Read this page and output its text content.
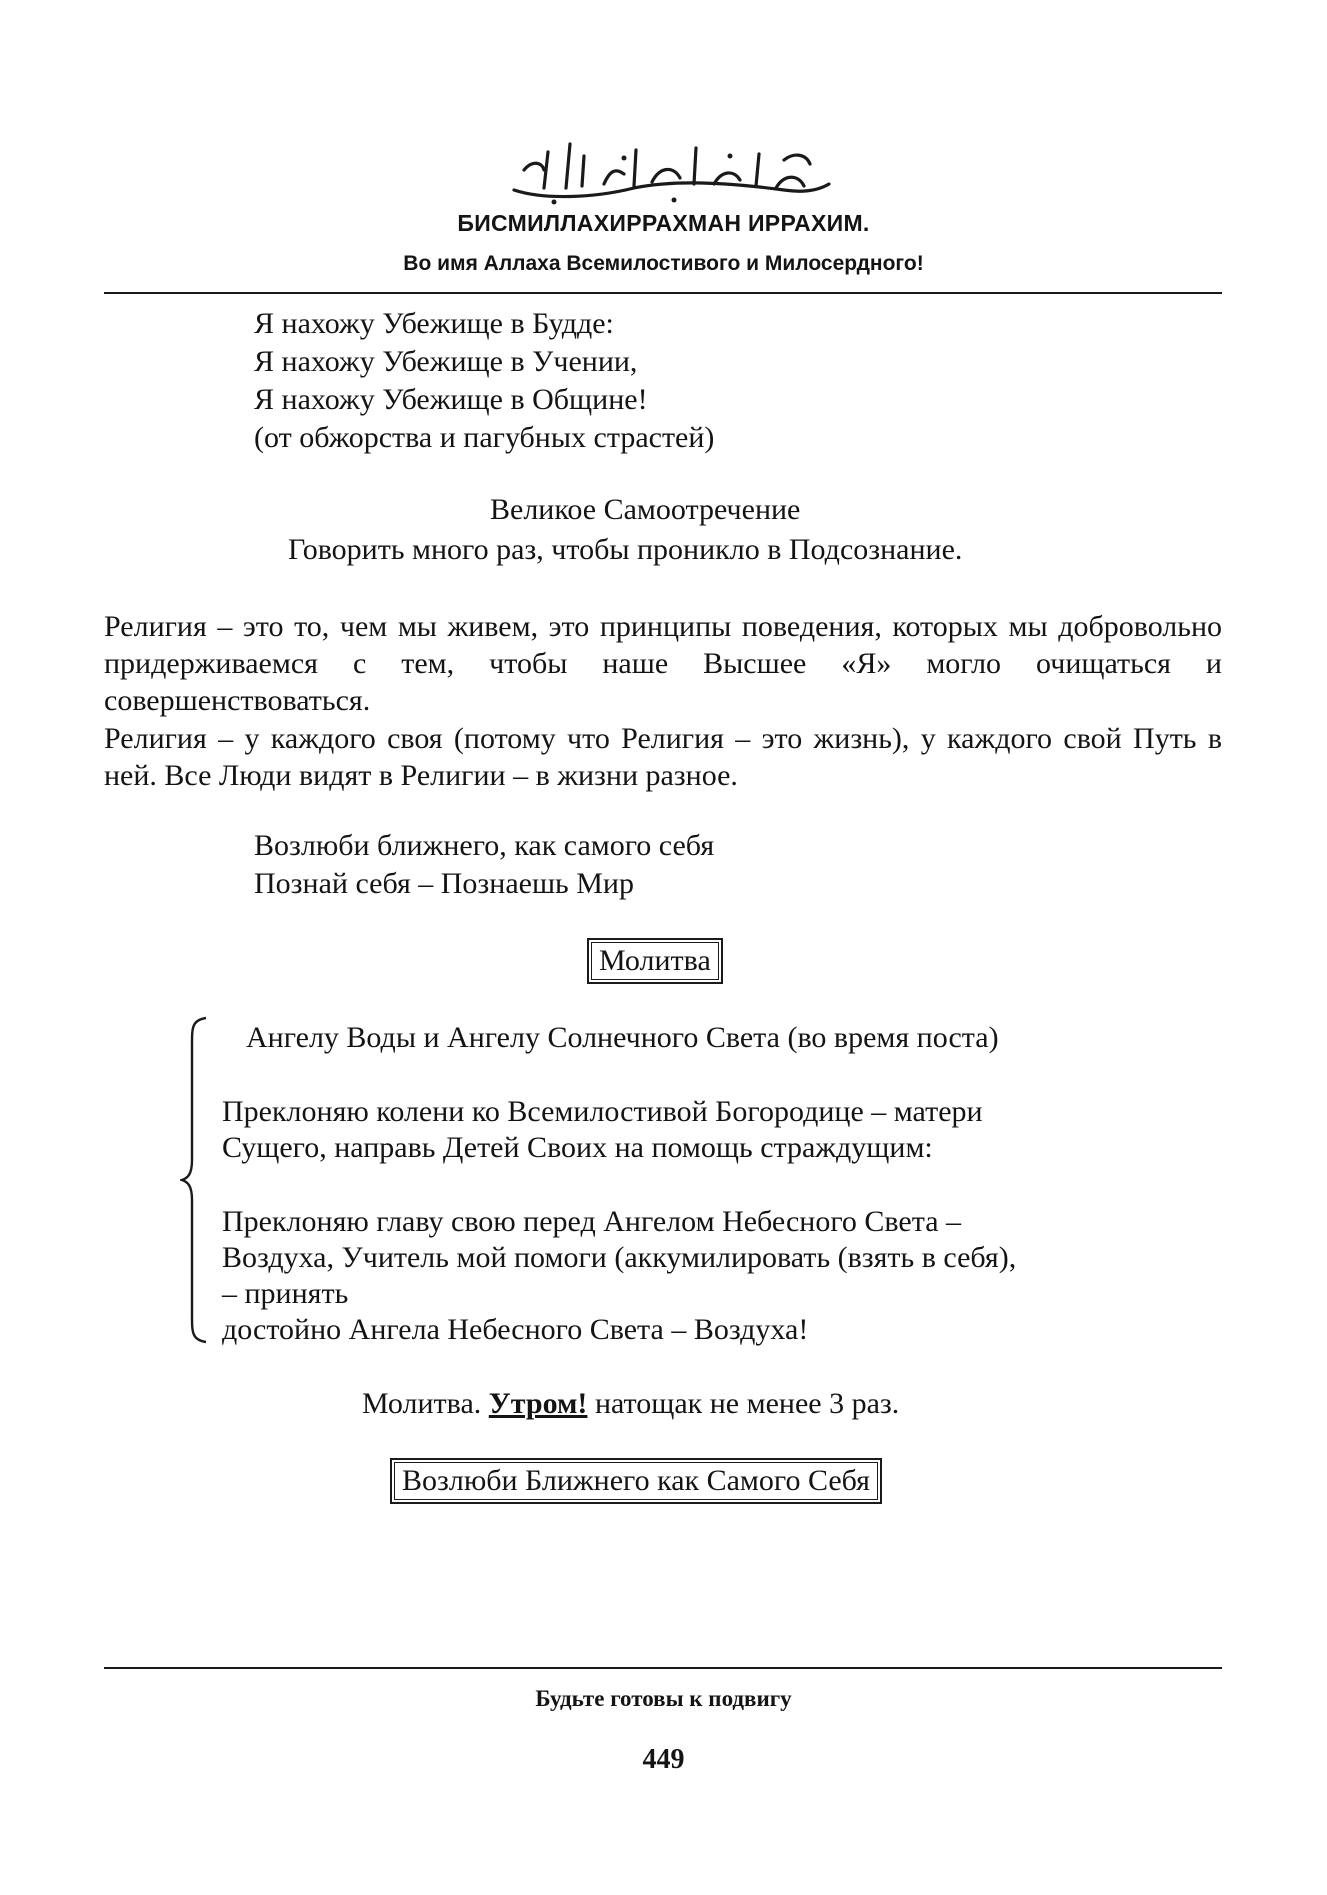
БИСМИЛЛАХИРРАХМАН ИРРАХИМ.
Во имя Аллаха Всемилостивого и Милосердного!
Я нахожу Убежище в Будде:
Я нахожу Убежище в Учении,
Я нахожу Убежище в Общине!
(от обжорства и пагубных страстей)
Великое Самоотречение
Говорить много раз, чтобы проникло в Подсознание.
Религия – это то, чем мы живем, это принципы поведения, которых мы добровольно придерживаемся с тем, чтобы наше Высшее «Я» могло очищаться и совершенствоваться.
Религия – у каждого своя (потому что Религия – это жизнь), у каждого свой Путь в ней. Все Люди видят в Религии – в жизни разное.
Возлюби ближнего, как самого себя
Познай себя – Познаешь Мир
Молитва
Ангелу Воды и Ангелу Солнечного Света (во время поста)
Преклоняю колени ко Всемилостивой Богородице – матери
Сущего, направь Детей Своих на помощь страждущим:
Преклоняю главу свою перед Ангелом Небесного Света –
Воздуха, Учитель мой помоги (аккумилировать (взять в себя),
– принять
достойно Ангела Небесного Света – Воздуха!
Молитва. Утром! натощак не менее 3 раз.
Возлюби Ближнего как Самого Себя
Будьте готовы к подвигу
449
